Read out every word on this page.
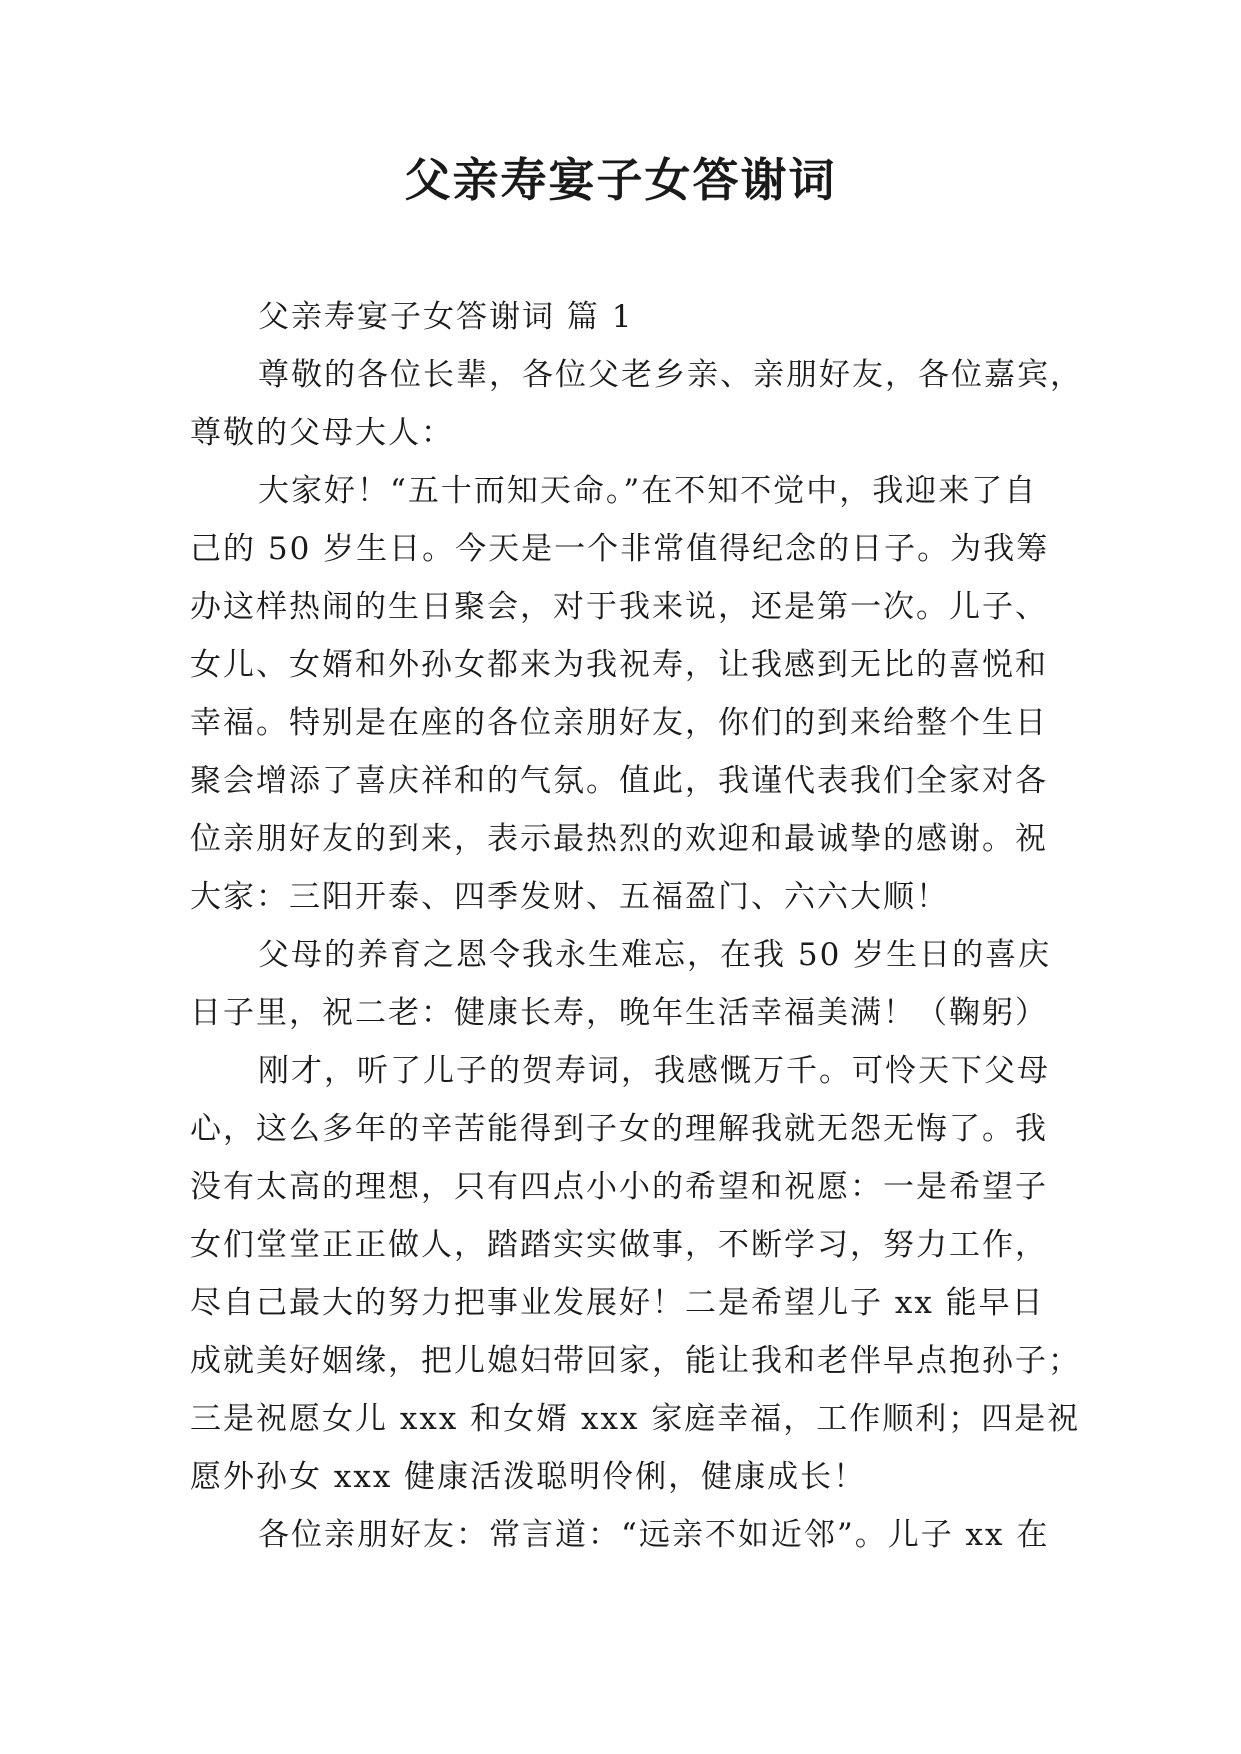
父亲寿宴子女答谢词
父亲寿宴子女答谢词 篇 1
尊敬的各位长辈，各位父老乡亲、亲朋好友，各位嘉宾，
尊敬的父母大人：
大家好！“五十而知天命。”在不知不觉中，我迎来了自
己的 50 岁生日。今天是一个非常值得纪念的日子。为我筹
办这样热闹的生日聚会，对于我来说，还是第一次。儿子、
女儿、女婿和外孙女都来为我祝寿，让我感到无比的喜悦和
幸福。特别是在座的各位亲朋好友，你们的到来给整个生日
聚会增添了喜庆祥和的气氛。值此，我谨代表我们全家对各
位亲朋好友的到来，表示最热烈的欢迎和最诚挚的感谢。祝
大家：三阳开泰、四季发财、五福盈门、六六大顺！
父母的养育之恩令我永生难忘，在我 50 岁生日的喜庆
日子里，祝二老：健康长寿，晚年生活幸福美满！（鞠躬）
刚才，听了儿子的贺寿词，我感慨万千。可怜天下父母
心，这么多年的辛苦能得到子女的理解我就无怨无悔了。我
没有太高的理想，只有四点小小的希望和祝愿：一是希望子
女们堂堂正正做人，踏踏实实做事，不断学习，努力工作，
尽自己最大的努力把事业发展好！二是希望儿子 xx 能早日
成就美好姻缘，把儿媳妇带回家，能让我和老伴早点抱孙子；
三是祝愿女儿 xxx 和女婿 xxx 家庭幸福，工作顺利；四是祝
愿外孙女 xxx 健康活泼聪明伶俐，健康成长！
各位亲朋好友：常言道：“远亲不如近邻”。儿子 xx 在
